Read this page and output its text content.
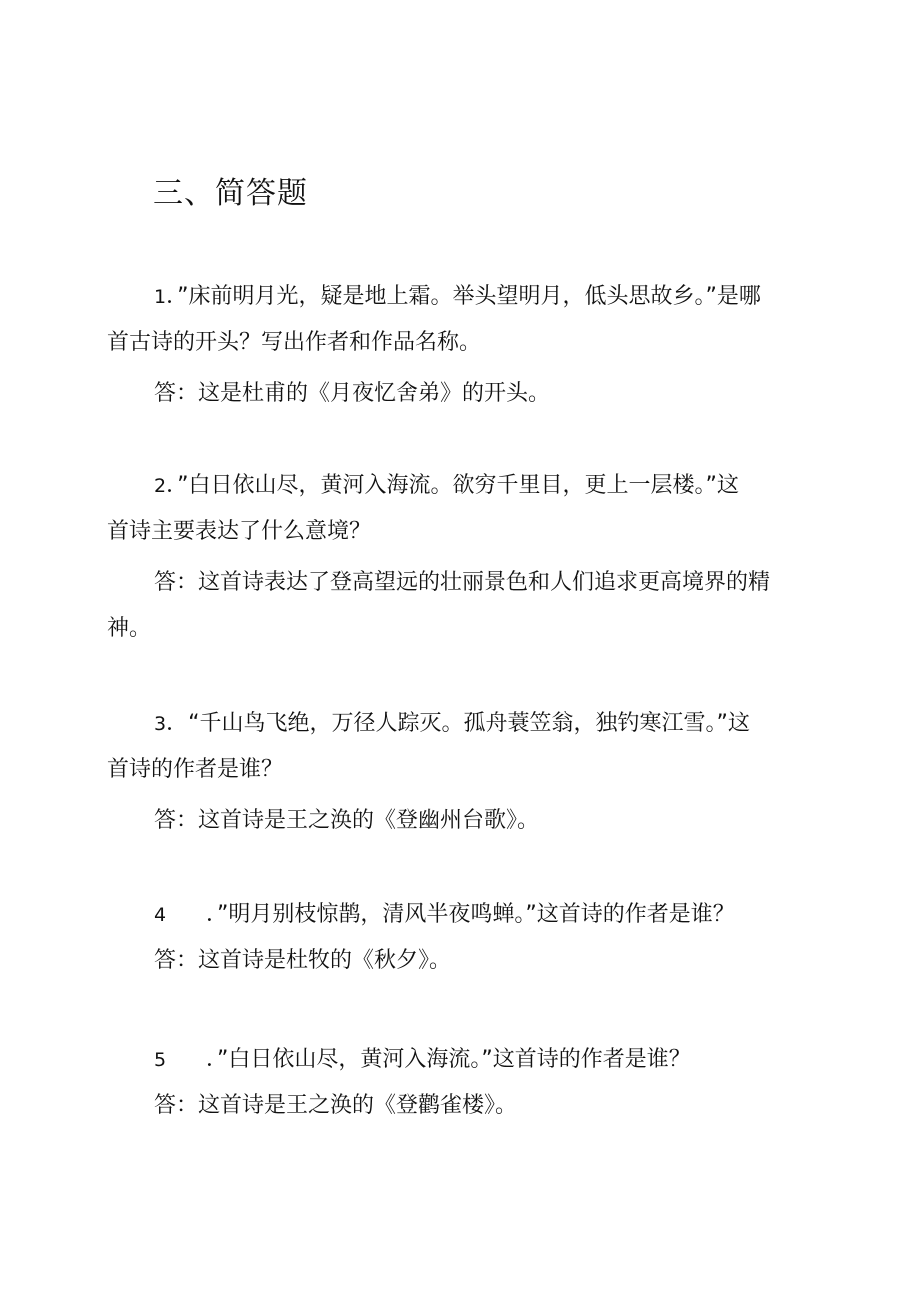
三、简答题

1．”床前明月光，疑是地上霜。举头望明月，低头思故乡。”是哪

首古诗的开头？写出作者和作品名称。

答：这是杜甫的《月夜忆舍弟》的开头。

2．”白日依山尽，黄河入海流。欲穷千里目，更上一层楼。”这

首诗主要表达了什么意境？

答：这首诗表达了登高望远的壮丽景色和人们追求更高境界的精

神。

3．“千山鸟飞绝，万径人踪灭。孤舟蓑笠翁，独钓寒江雪。”这

首诗的作者是谁？

答：这首诗是王之涣的《登幽州台歌》。

4 ．”明月别枝惊鹊，清风半夜鸣蝉。”这首诗的作者是谁？

答：这首诗是杜牧的《秋夕》。

5 ．”白日依山尽，黄河入海流。”这首诗的作者是谁？

答：这首诗是王之涣的《登鹳雀楼》。
